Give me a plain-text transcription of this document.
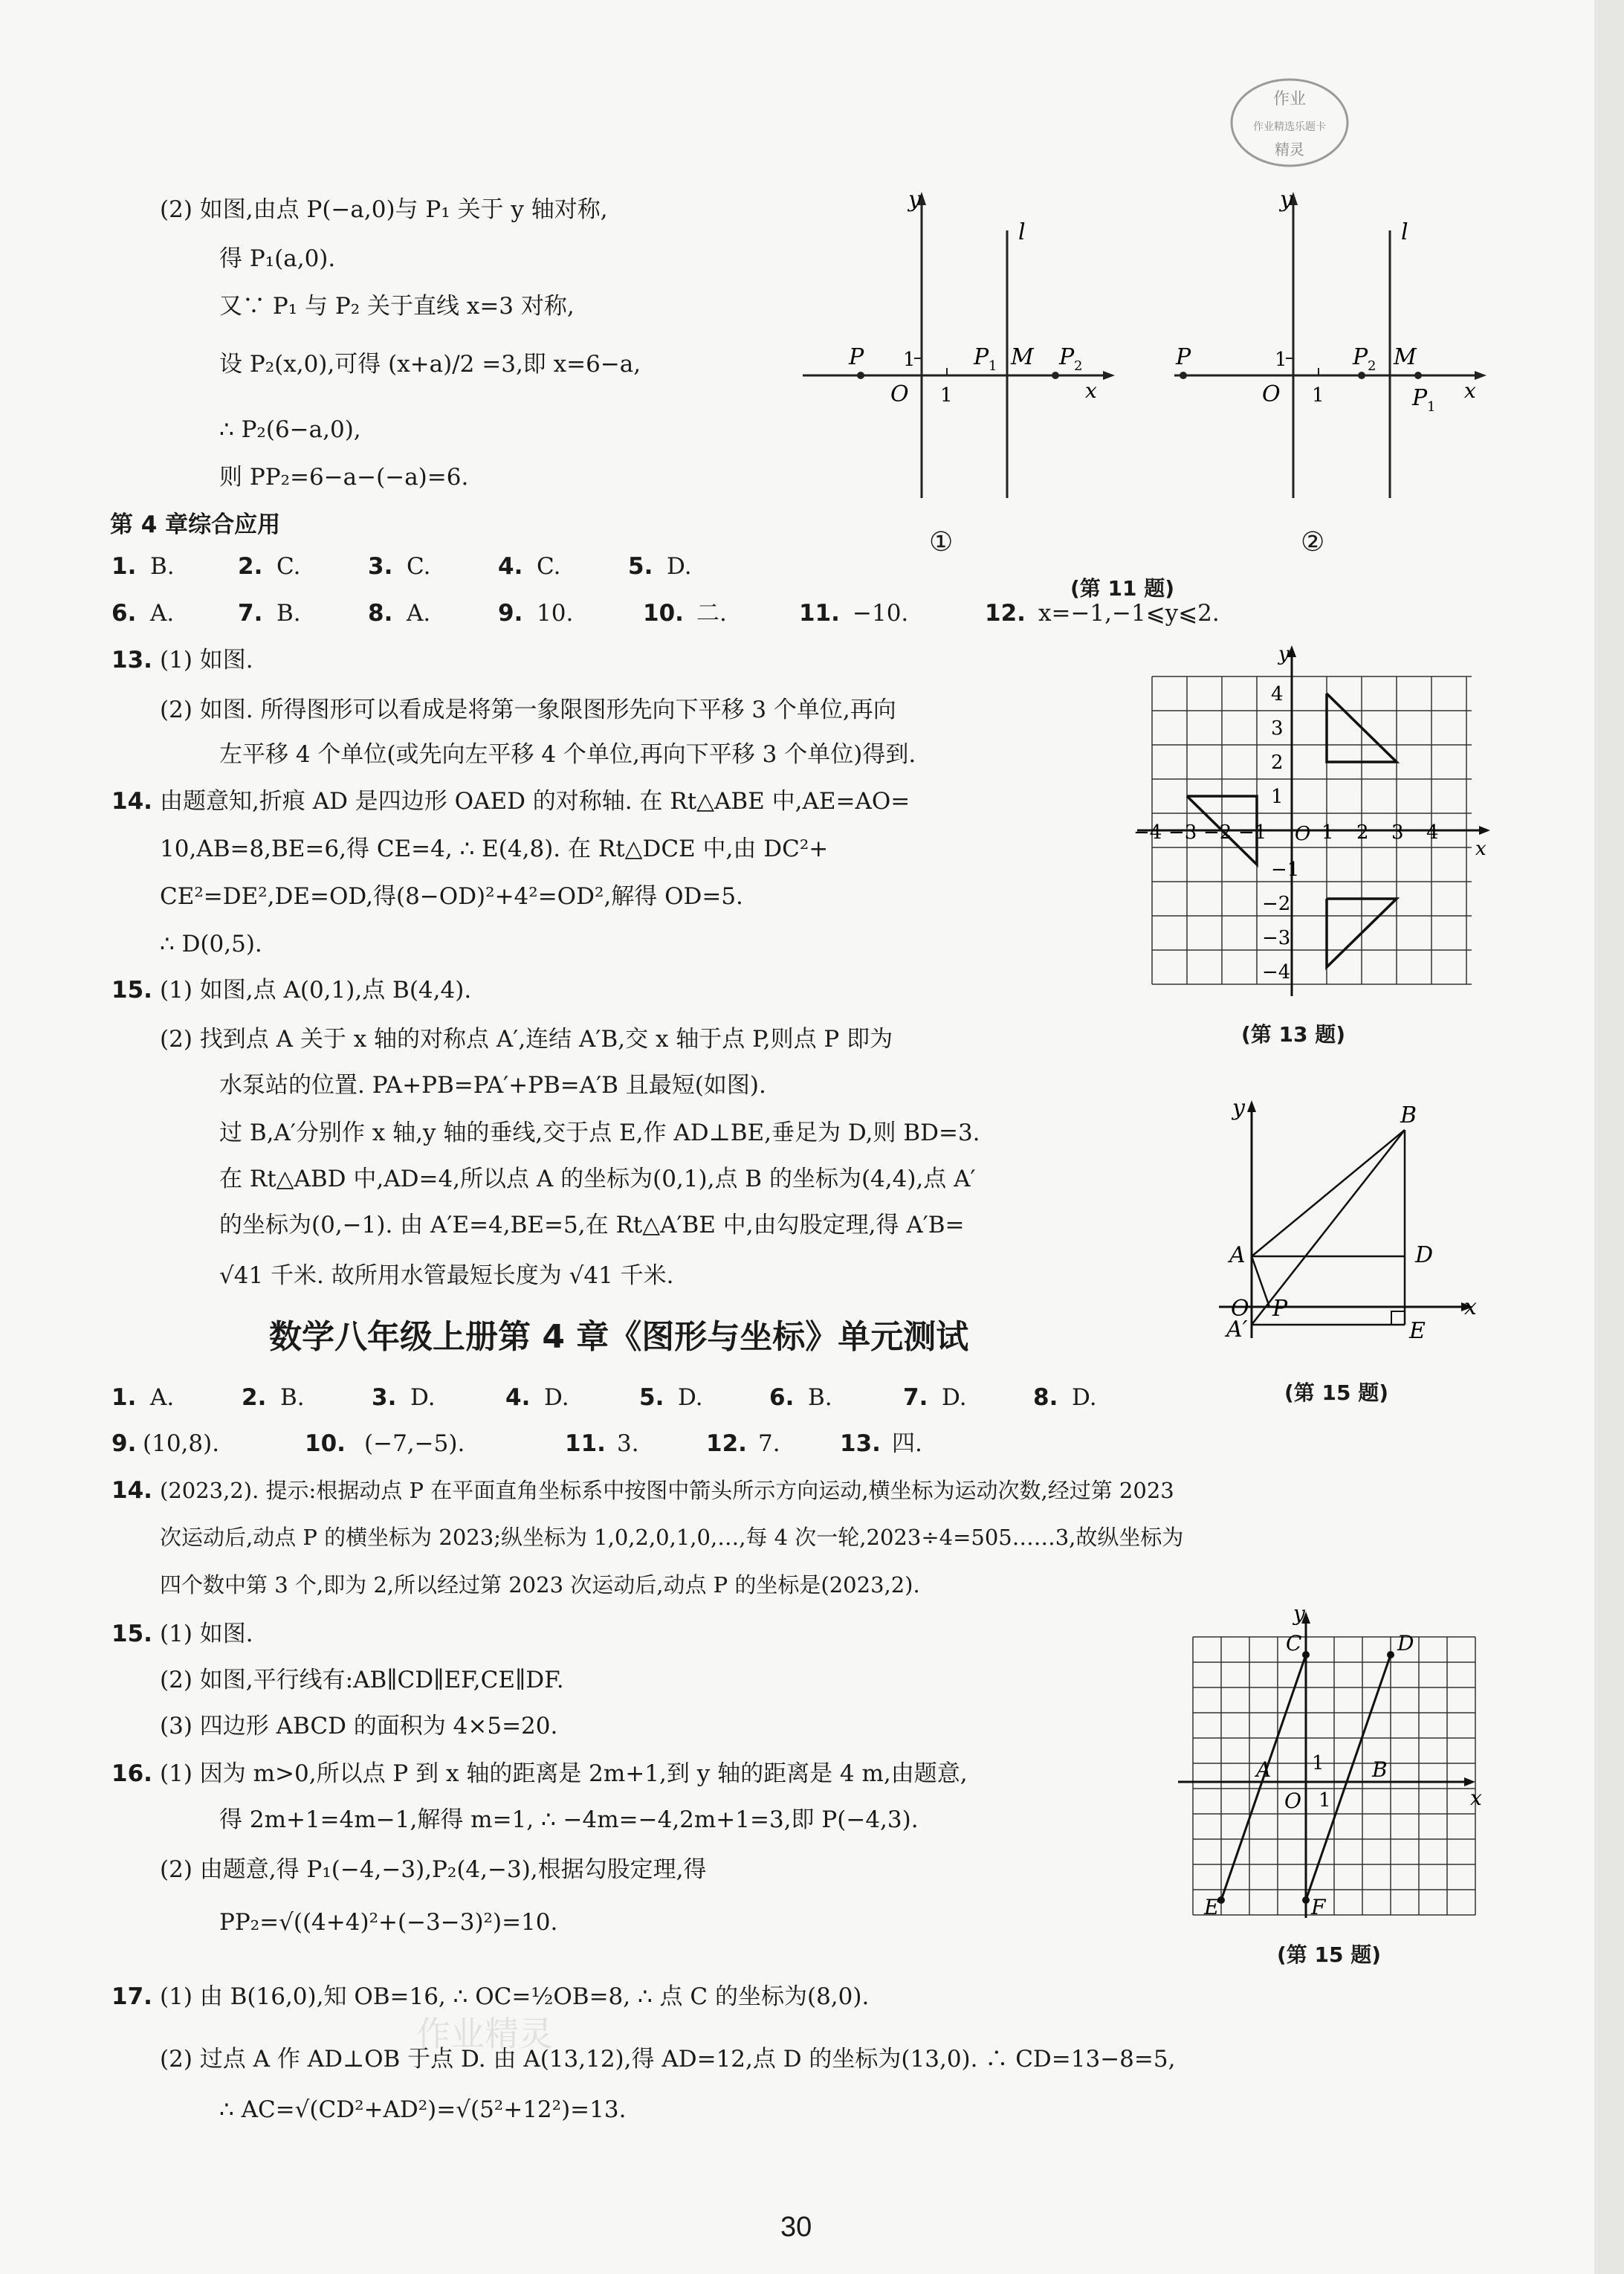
作业
作业精选乐题卡
精灵
(2) 如图,由点 P(−a,0)与 P₁ 关于 y 轴对称,
得 P₁(a,0).
又∵ P₁ 与 P₂ 关于直线 x=3 对称,
设 P₂(x,0),可得 (x+a)/2 =3,即 x=6−a,
∴ P₂(6−a,0),
则 PP₂=6−a−(−a)=6.
y
l
P 1
O 1
P 1 M P 2
x
y
l
P	1
O 1
P 2 M
P 1
x
①	②
(第 11 题)
第 4 章综合应用
1. B.	2. C.	3. C.	4. C.	5. D.
6. A.	7. B.	8. A.	9. 10.	10. 二.	11. −10.	12. x=−1,−1⩽y⩽2.
13. (1) 如图.
(2) 如图. 所得图形可以看成是将第一象限图形先向下平移 3 个单位,再向
左平移 4 个单位(或先向左平移 4 个单位,再向下平移 3 个单位)得到.
y
x
4
3
2
1
−1
−2
−3
−4
−4 −3 −2 −1 O 1 2 3 4
(第 13 题)
14. 由题意知,折痕 AD 是四边形 OAED 的对称轴. 在 Rt△ABE 中,AE=AO=
10,AB=8,BE=6,得 CE=4, ∴ E(4,8). 在 Rt△DCE 中,由 DC²+
CE²=DE²,DE=OD,得(8−OD)²+4²=OD²,解得 OD=5.
∴ D(0,5).
15. (1) 如图,点 A(0,1),点 B(4,4).
(2) 找到点 A 关于 x 轴的对称点 A′,连结 A′B,交 x 轴于点 P,则点 P 即为
水泵站的位置. PA+PB=PA′+PB=A′B 且最短(如图).
过 B,A′分别作 x 轴,y 轴的垂线,交于点 E,作 AD⊥BE,垂足为 D,则 BD=3.
在 Rt△ABD 中,AD=4,所以点 A 的坐标为(0,1),点 B 的坐标为(4,4),点 A′
的坐标为(0,−1). 由 A′E=4,BE=5,在 Rt△A′BE 中,由勾股定理,得 A′B=
√41 千米. 故所用水管最短长度为 √41 千米.
y	B
A	D
O P
A′	E
x
(第 15 题)
数学八年级上册第 4 章《图形与坐标》单元测试
1. A.	2. B.	3. D.	4. D.	5. D.	6. B.	7. D.	8. D.
9. (10,8).	10. (−7,−5).	11. 3.	12. 7.	13. 四.
14. (2023,2). 提示:根据动点 P 在平面直角坐标系中按图中箭头所示方向运动,横坐标为运动次数,经过第 2023
次运动后,动点 P 的横坐标为 2023;纵坐标为 1,0,2,0,1,0,…,每 4 次一轮,2023÷4=505……3,故纵坐标为
四个数中第 3 个,即为 2,所以经过第 2023 次运动后,动点 P 的坐标是(2023,2).
15. (1) 如图.
(2) 如图,平行线有:AB∥CD∥EF,CE∥DF.
(3) 四边形 ABCD 的面积为 4×5=20.
y
C	D
A	B
O
E	F
x
1
1
(第 15 题)
16. (1) 因为 m>0,所以点 P 到 x 轴的距离是 2m+1,到 y 轴的距离是 4 m,由题意,
得 2m+1=4m−1,解得 m=1, ∴ −4m=−4,2m+1=3,即 P(−4,3).
(2) 由题意,得 P₁(−4,−3),P₂(4,−3),根据勾股定理,得
PP₂=√((4+4)²+(−3−3)²)=10.
17. (1) 由 B(16,0),知 OB=16, ∴ OC=½OB=8, ∴ 点 C 的坐标为(8,0).
(2) 过点 A 作 AD⊥OB 于点 D. 由 A(13,12),得 AD=12,点 D 的坐标为(13,0). ∴ CD=13−8=5,
∴ AC=√(CD²+AD²)=√(5²+12²)=13.
作业精灵
30
